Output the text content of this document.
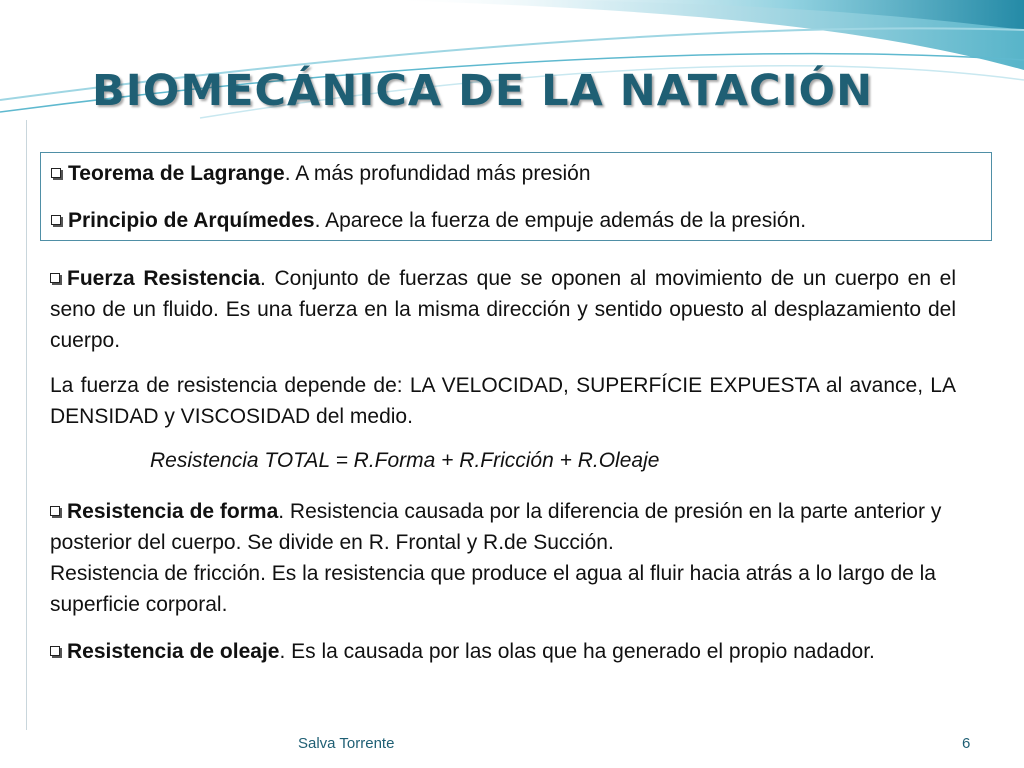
BIOMECÁNICA DE LA NATACIÓN
Teorema de Lagrange. A más profundidad más presión
Principio de Arquímedes. Aparece la fuerza de empuje además de la presión.

Fuerza Resistencia. Conjunto de fuerzas que se oponen al movimiento de un cuerpo en el seno de un fluido. Es una fuerza en la misma dirección y sentido opuesto al desplazamiento del cuerpo.

La fuerza de resistencia depende de: LA VELOCIDAD, SUPERFÍCIE EXPUESTA al avance, LA DENSIDAD y VISCOSIDAD del medio.

Resistencia TOTAL = R.Forma + R.Fricción + R.Oleaje

Resistencia de forma. Resistencia causada por la diferencia de presión en la parte anterior y posterior del cuerpo. Se divide en R. Frontal y R.de Succión.
Resistencia de fricción. Es la resistencia que produce el agua al fluir hacia atrás a lo largo de la superficie corporal.

Resistencia de oleaje. Es la causada por las olas que ha generado el propio nadador.

Salva Torrente	6
